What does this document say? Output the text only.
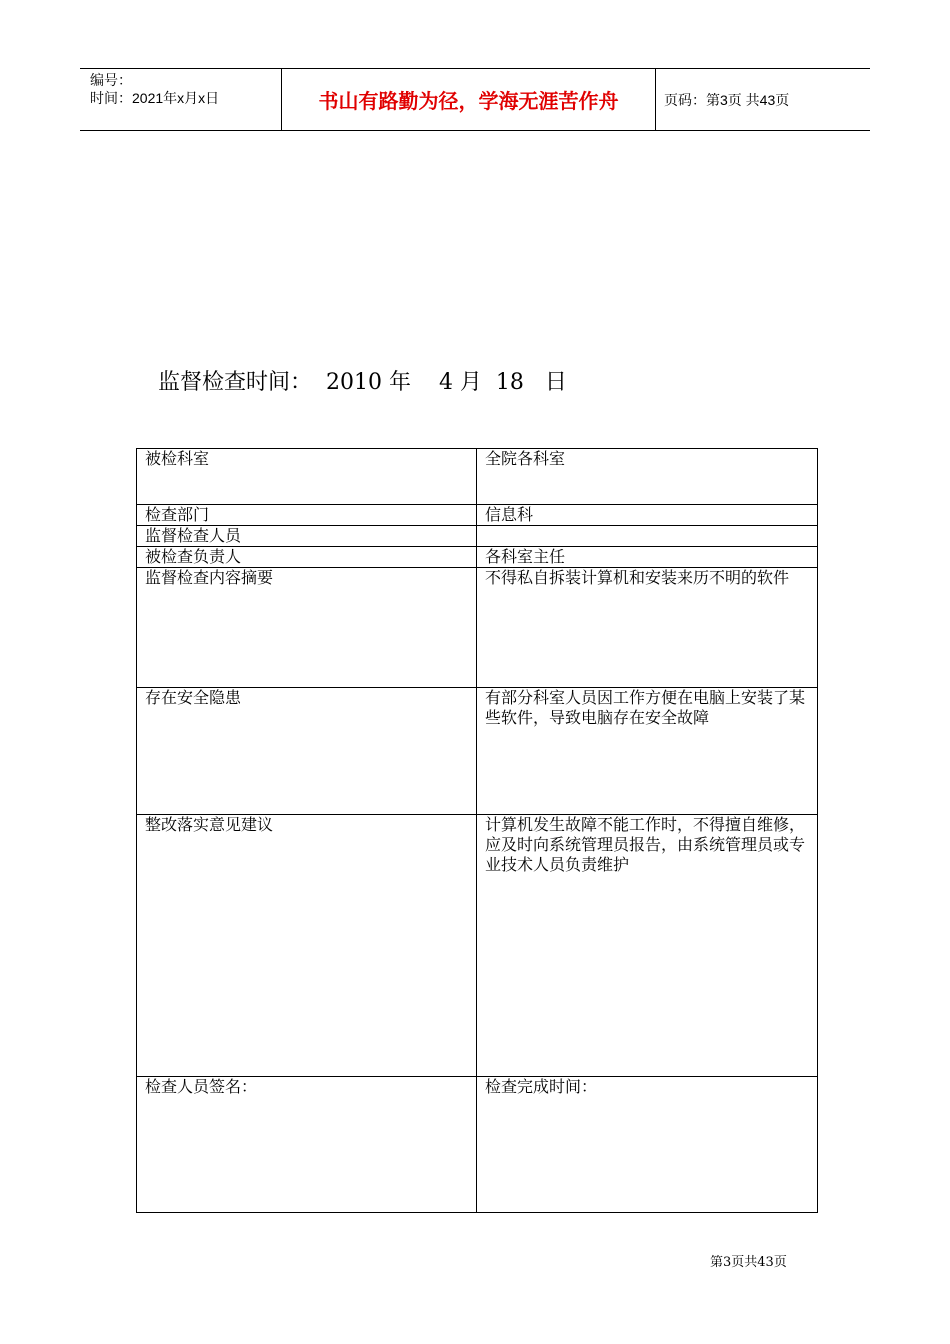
编号：
时间：2021年x月x日	书山有路勤为径，学海无涯苦作舟	页码：第3页 共43页
监督检查时间：  2010 年    4 月  18   日
被检科室	全院各科室
检查部门	信息科
监督检查人员	
被检查负责人	各科室主任
监督检查内容摘要	不得私自拆装计算机和安装来历不明的软件
存在安全隐患	有部分科室人员因工作方便在电脑上安装了某些软件，导致电脑存在安全故障
整改落实意见建议	计算机发生故障不能工作时，不得擅自维修，应及时向系统管理员报告，由系统管理员或专业技术人员负责维护
检查人员签名：	检查完成时间：
第3页共43页
